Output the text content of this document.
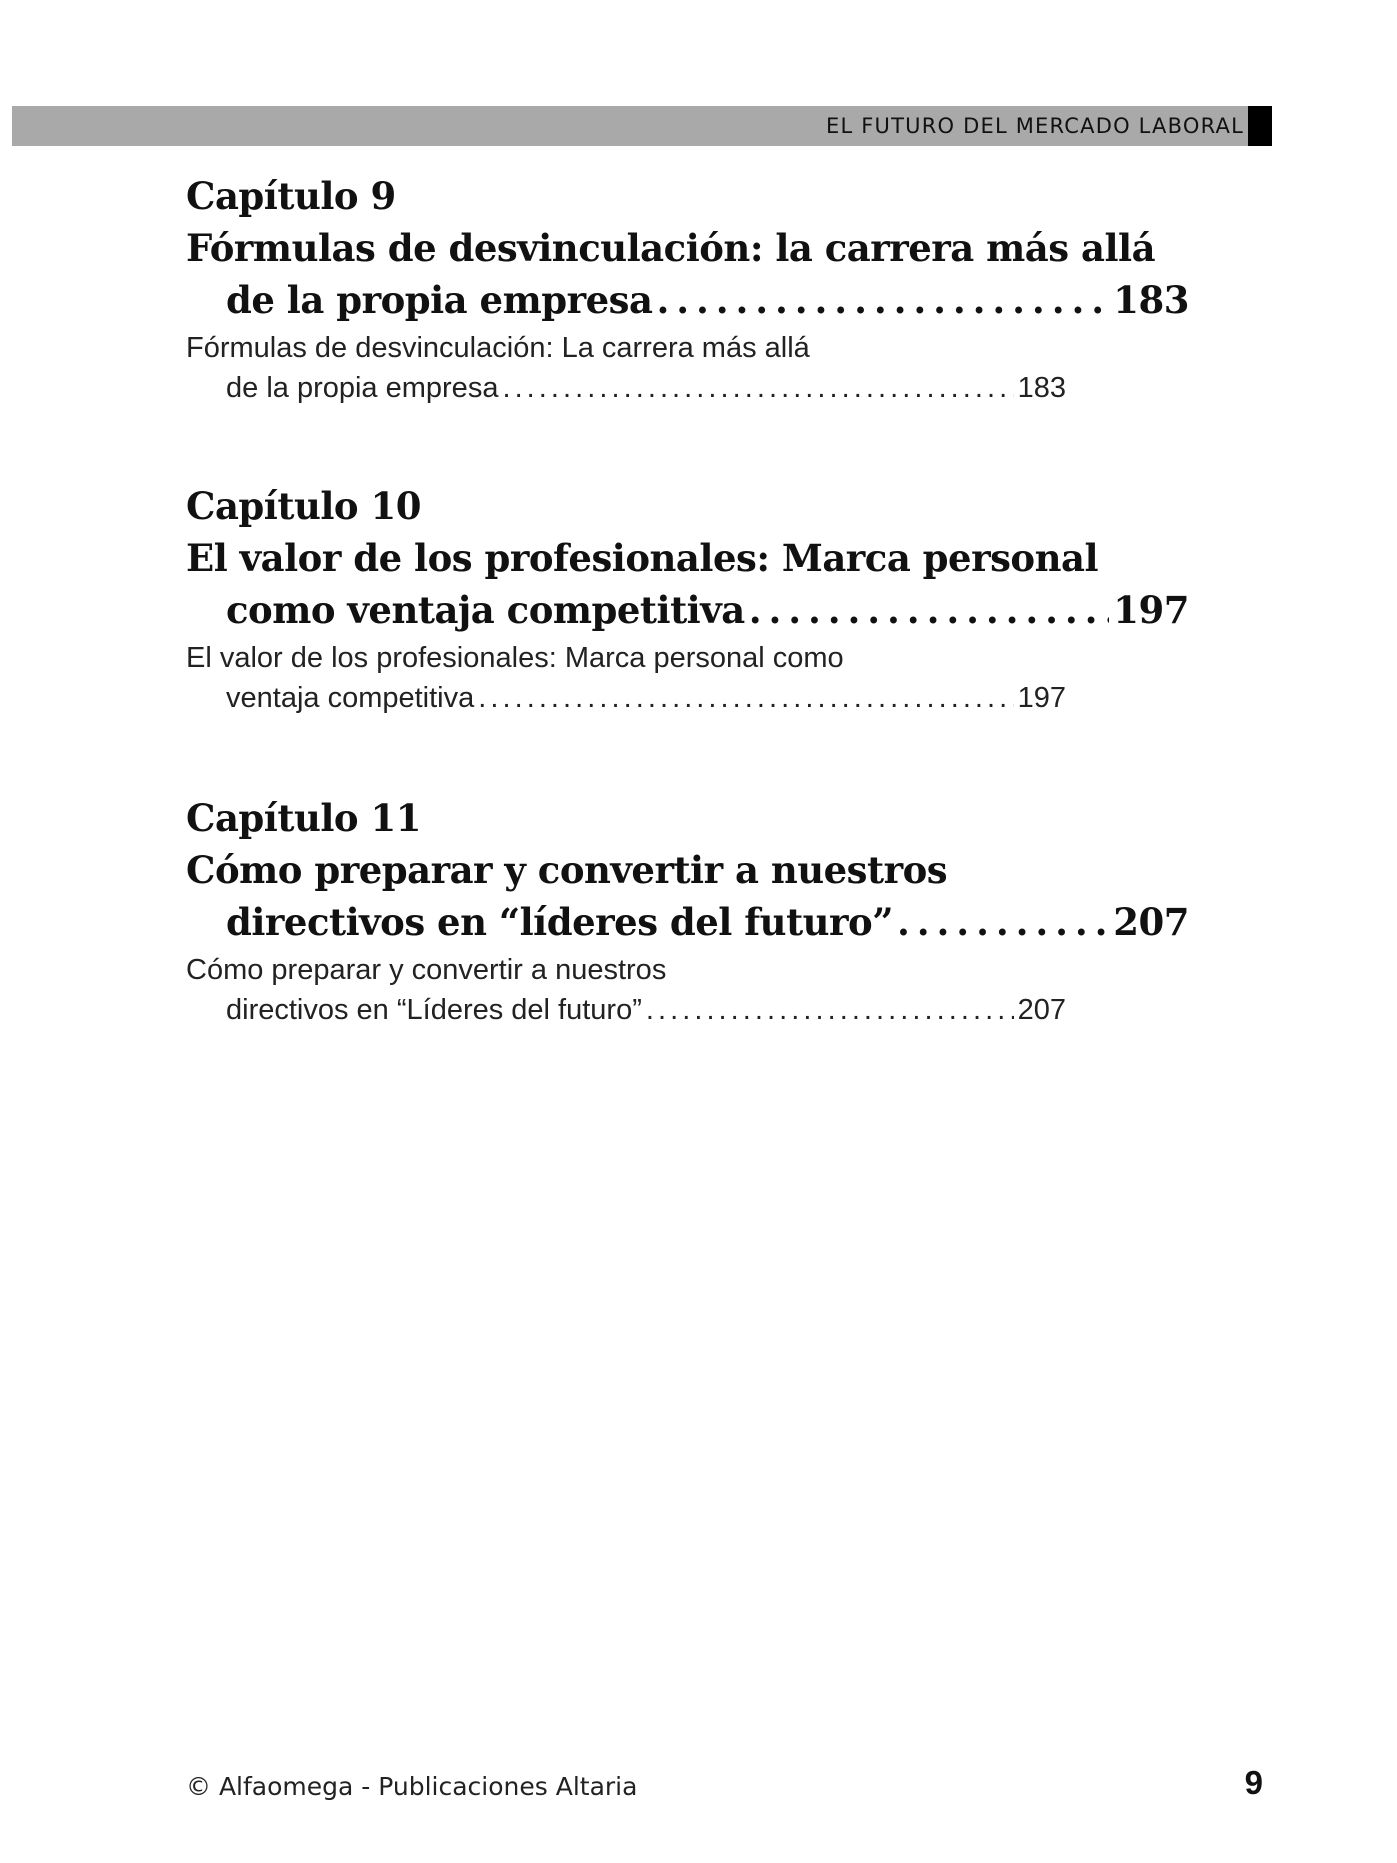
EL FUTURO DEL MERCADO LABORAL
Capítulo 9
Fórmulas de desvinculación: la carrera más allá
de la propia empresa . . .	183
Fórmulas de desvinculación: La carrera más allá
de la propia empresa . . .	183
Capítulo 10
El valor de los profesionales: Marca personal
como ventaja competitiva . . .	197
El valor de los profesionales: Marca personal como
ventaja competitiva . . .	197
Capítulo 11
Cómo preparar y convertir a nuestros
directivos en “líderes del futuro” . . .	207
Cómo preparar y convertir a nuestros
directivos en “Líderes del futuro” . . .	207
© Alfaomega - Publicaciones Altaria	9
